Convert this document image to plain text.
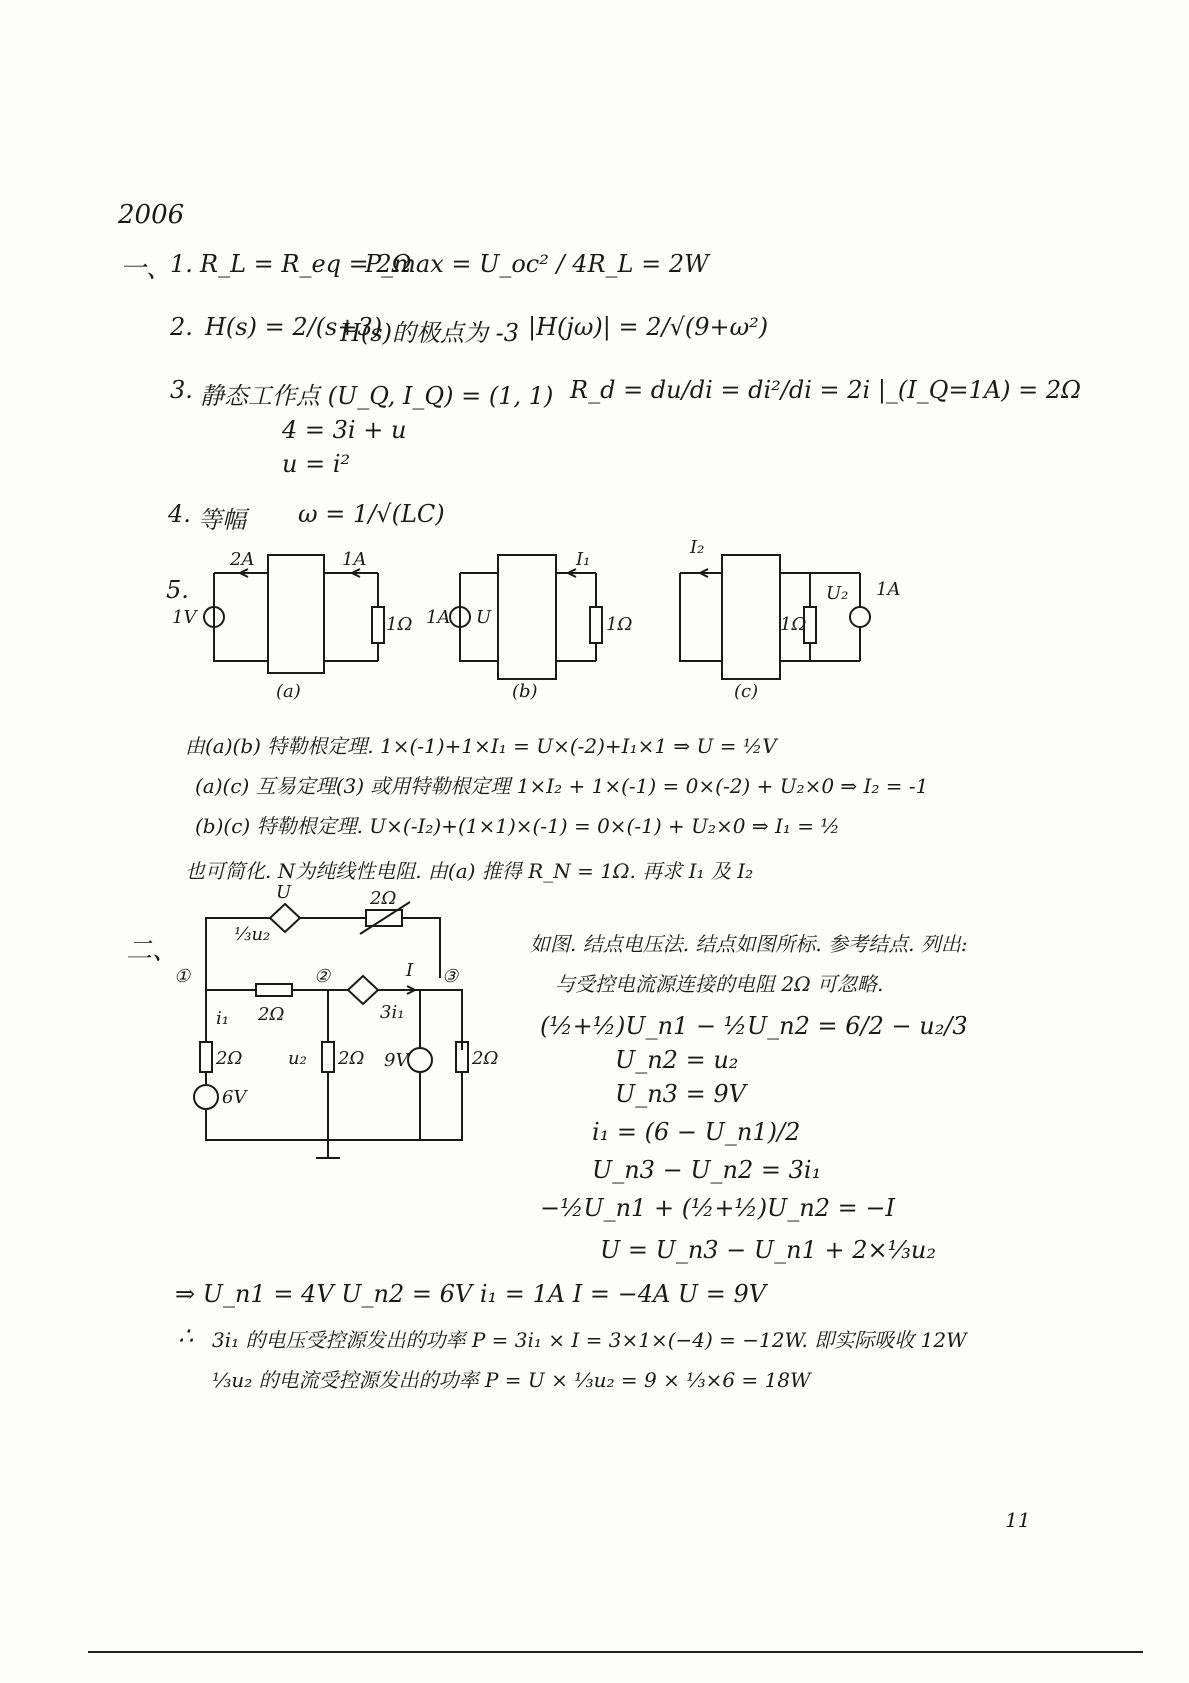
2006
一、
1. R_L = R_eq = 2Ω
P_max = U_oc² / 4R_L = 2W
2. H(s) = 2/(s+3)
H(s)的极点为 -3 |H(jω)| = 2/√(9+ω²)
3. 静态工作点 (U_Q, I_Q) = (1, 1) R_d = du/di = di²/di = 2i |_(I_Q=1A) = 2Ω
4 = 3i + u
u = i²
4. 等幅 ω = 1/√(LC)
5.
1V
2A	1A
1Ω
(a)
1A U
I₁
1Ω
(b)
I₂
U₂ 1A
1Ω
(c)
由(a)(b) 特勒根定理. 1×(-1)+1×I₁ = U×(-2)+I₁×1 ⇒ U = ½V
(a)(c) 互易定理(3) 或用特勒根定理 1×I₂ + 1×(-1) = 0×(-2) + U₂×0 ⇒ I₂ = -1
(b)(c) 特勒根定理. U×(-I₂)+(1×1)×(-1) = 0×(-1) + U₂×0 ⇒ I₁ = ½
也可简化. N为纯线性电阻. 由(a) 推得 R_N = 1Ω. 再求 I₁ 及 I₂
二、
⅓u₂
U	2Ω
①	②	③
2Ω	3i₁
I
i₁
2Ω
6V
u₂ 2Ω 9V	2Ω
如图. 结点电压法. 结点如图所标. 参考结点. 列出:
与受控电流源连接的电阻 2Ω 可忽略.
(½+½)U_n1 − ½U_n2 = 6/2 − u₂/3
U_n2 = u₂
U_n3 = 9V
i₁ = (6 − U_n1)/2
U_n3 − U_n2 = 3i₁
−½U_n1 + (½+½)U_n2 = −I
U = U_n3 − U_n1 + 2×⅓u₂
⇒ U_n1 = 4V U_n2 = 6V i₁ = 1A I = −4A U = 9V
∴ 3i₁ 的电压受控源发出的功率 P = 3i₁ × I = 3×1×(−4) = −12W. 即实际吸收 12W
⅓u₂ 的电流受控源发出的功率 P = U × ⅓u₂ = 9 × ⅓×6 = 18W
11
